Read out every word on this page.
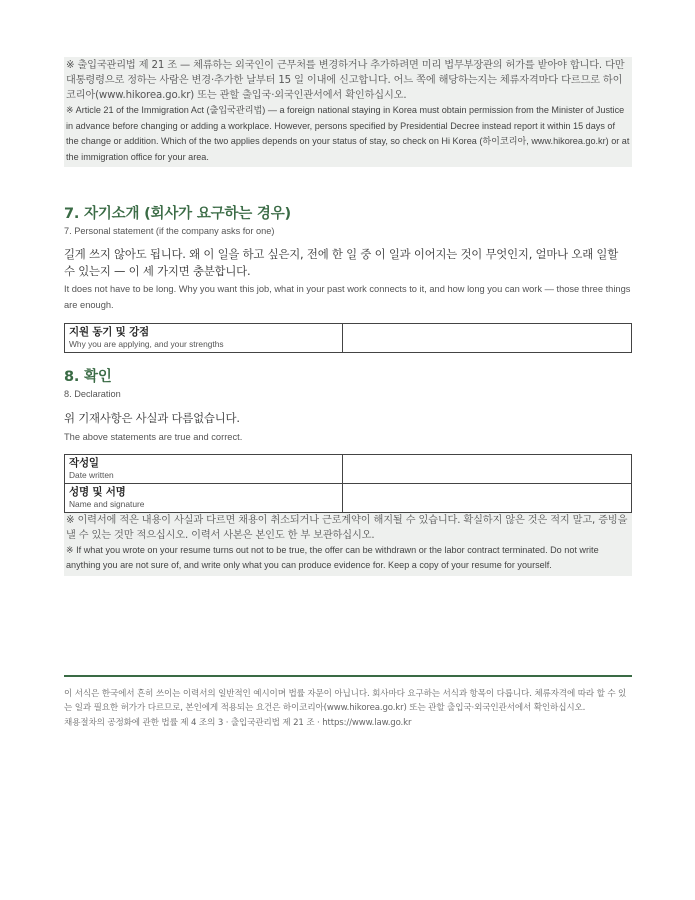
※ 출입국관리법 제 21 조 — 체류하는 외국인이 근무처를 변경하거나 추가하려면 미리 법무부장관의 허가를 받아야 합니다. 다만 대통령령으로 정하는 사람은 변경·추가한 날부터 15 일 이내에 신고합니다. 어느 쪽에 해당하는지는 체류자격마다 다르므로 하이코리아(www.hikorea.go.kr) 또는 관할 출입국·외국인관서에서 확인하십시오.

※ Article 21 of the Immigration Act (출입국관리법) — a foreign national staying in Korea must obtain permission from the Minister of Justice in advance before changing or adding a workplace. However, persons specified by Presidential Decree instead report it within 15 days of the change or addition. Which of the two applies depends on your status of stay, so check on Hi Korea (하이코리아, www.hikorea.go.kr) or at the immigration office for your area.

7. 자기소개 (회사가 요구하는 경우)

7. Personal statement (if the company asks for one)

길게 쓰지 않아도 됩니다. 왜 이 일을 하고 싶은지, 전에 한 일 중 이 일과 이어지는 것이 무엇인지, 얼마나 오래 일할 수 있는지 — 이 세 가지면 충분합니다.

It does not have to be long. Why you want this job, what in your past work connects to it, and how long you can work — those three things are enough.

지원 동기 및 강점
Why you are applying, and your strengths

8. 확인

8. Declaration

위 기재사항은 사실과 다름없습니다.

The above statements are true and correct.

작성일
Date written	

성명 및 서명
Name and signature	

※ 이력서에 적은 내용이 사실과 다르면 채용이 취소되거나 근로계약이 해지될 수 있습니다. 확실하지 않은 것은 적지 말고, 증빙을 낼 수 있는 것만 적으십시오. 이력서 사본은 본인도 한 부 보관하십시오.

※ If what you wrote on your resume turns out not to be true, the offer can be withdrawn or the labor contract terminated. Do not write anything you are not sure of, and write only what you can produce evidence for. Keep a copy of your resume for yourself.

이 서식은 한국에서 흔히 쓰이는 이력서의 일반적인 예시이며 법률 자문이 아닙니다. 회사마다 요구하는 서식과 항목이 다릅니다. 체류자격에 따라 할 수 있는 일과 필요한 허가가 다르므로, 본인에게 적용되는 요건은 하이코리아(www.hikorea.go.kr) 또는 관할 출입국·외국인관서에서 확인하십시오.

채용절차의 공정화에 관한 법률 제 4 조의 3 · 출입국관리법 제 21 조 · https://www.law.go.kr
